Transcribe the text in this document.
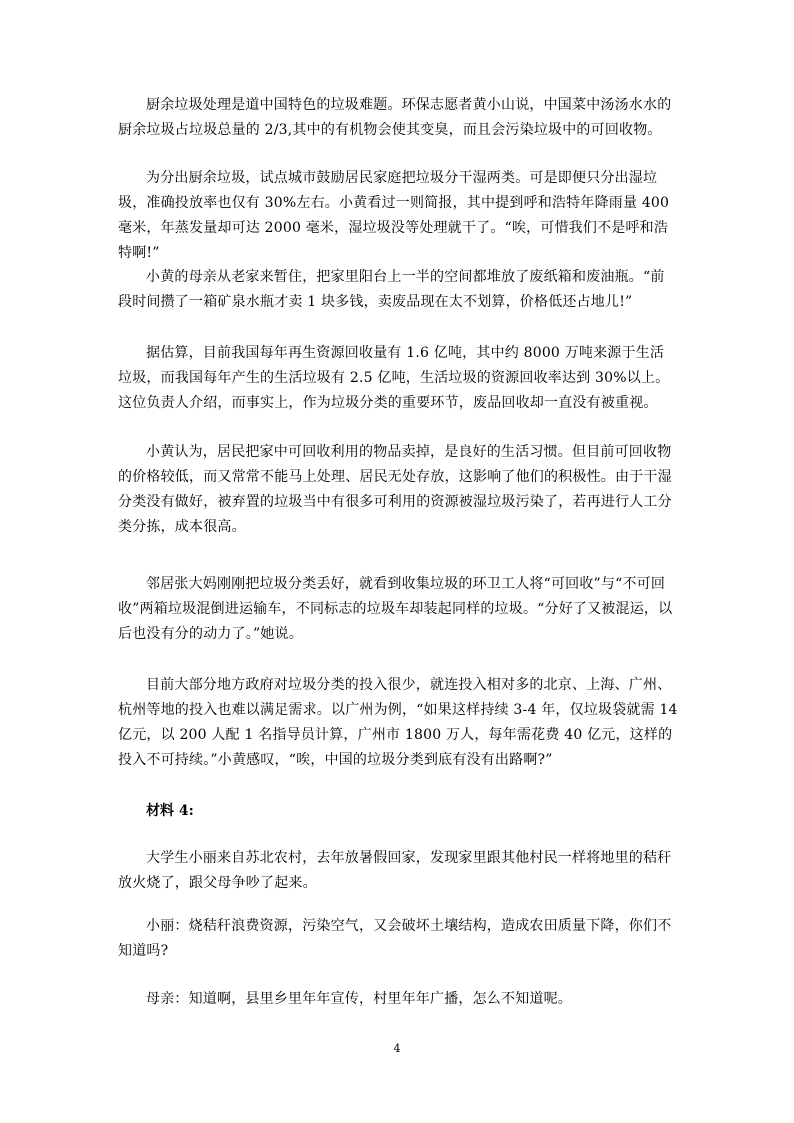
厨余垃圾处理是道中国特色的垃圾难题。环保志愿者黄小山说，中国菜中汤汤水水的厨余垃圾占垃圾总量的 2/3,其中的有机物会使其变臭，而且会污染垃圾中的可回收物。

为分出厨余垃圾，试点城市鼓励居民家庭把垃圾分干湿两类。可是即便只分出湿垃圾，准确投放率也仅有 30%左右。小黄看过一则简报，其中提到呼和浩特年降雨量 400 毫米，年蒸发量却可达 2000 毫米，湿垃圾没等处理就干了。“唉，可惜我们不是呼和浩特啊!”

小黄的母亲从老家来暂住，把家里阳台上一半的空间都堆放了废纸箱和废油瓶。“前段时间攒了一箱矿泉水瓶才卖 1 块多钱，卖废品现在太不划算，价格低还占地儿!”

据估算，目前我国每年再生资源回收量有 1.6 亿吨，其中约 8000 万吨来源于生活垃圾，而我国每年产生的生活垃圾有 2.5 亿吨，生活垃圾的资源回收率达到 30%以上。这位负责人介绍，而事实上，作为垃圾分类的重要环节，废品回收却一直没有被重视。

小黄认为，居民把家中可回收利用的物品卖掉，是良好的生活习惯。但目前可回收物的价格较低，而又常常不能马上处理、居民无处存放，这影响了他们的积极性。由于干湿分类没有做好，被弃置的垃圾当中有很多可利用的资源被湿垃圾污染了，若再进行人工分类分拣，成本很高。

邻居张大妈刚刚把垃圾分类丢好，就看到收集垃圾的环卫工人将“可回收”与“不可回收”两箱垃圾混倒进运输车，不同标志的垃圾车却装起同样的垃圾。“分好了又被混运，以后也没有分的动力了。”她说。

目前大部分地方政府对垃圾分类的投入很少，就连投入相对多的北京、上海、广州、杭州等地的投入也难以满足需求。以广州为例，“如果这样持续 3-4 年，仅垃圾袋就需 14 亿元，以 200 人配 1 名指导员计算，广州市 1800 万人，每年需花费 40 亿元，这样的投入不可持续。”小黄感叹，“唉，中国的垃圾分类到底有没有出路啊?”

材料 4:

大学生小丽来自苏北农村，去年放暑假回家，发现家里跟其他村民一样将地里的秸秆放火烧了，跟父母争吵了起来。

小丽：烧秸秆浪费资源，污染空气，又会破坏土壤结构，造成农田质量下降，你们不知道吗?

母亲：知道啊，县里乡里年年宣传，村里年年广播，怎么不知道呢。

4
